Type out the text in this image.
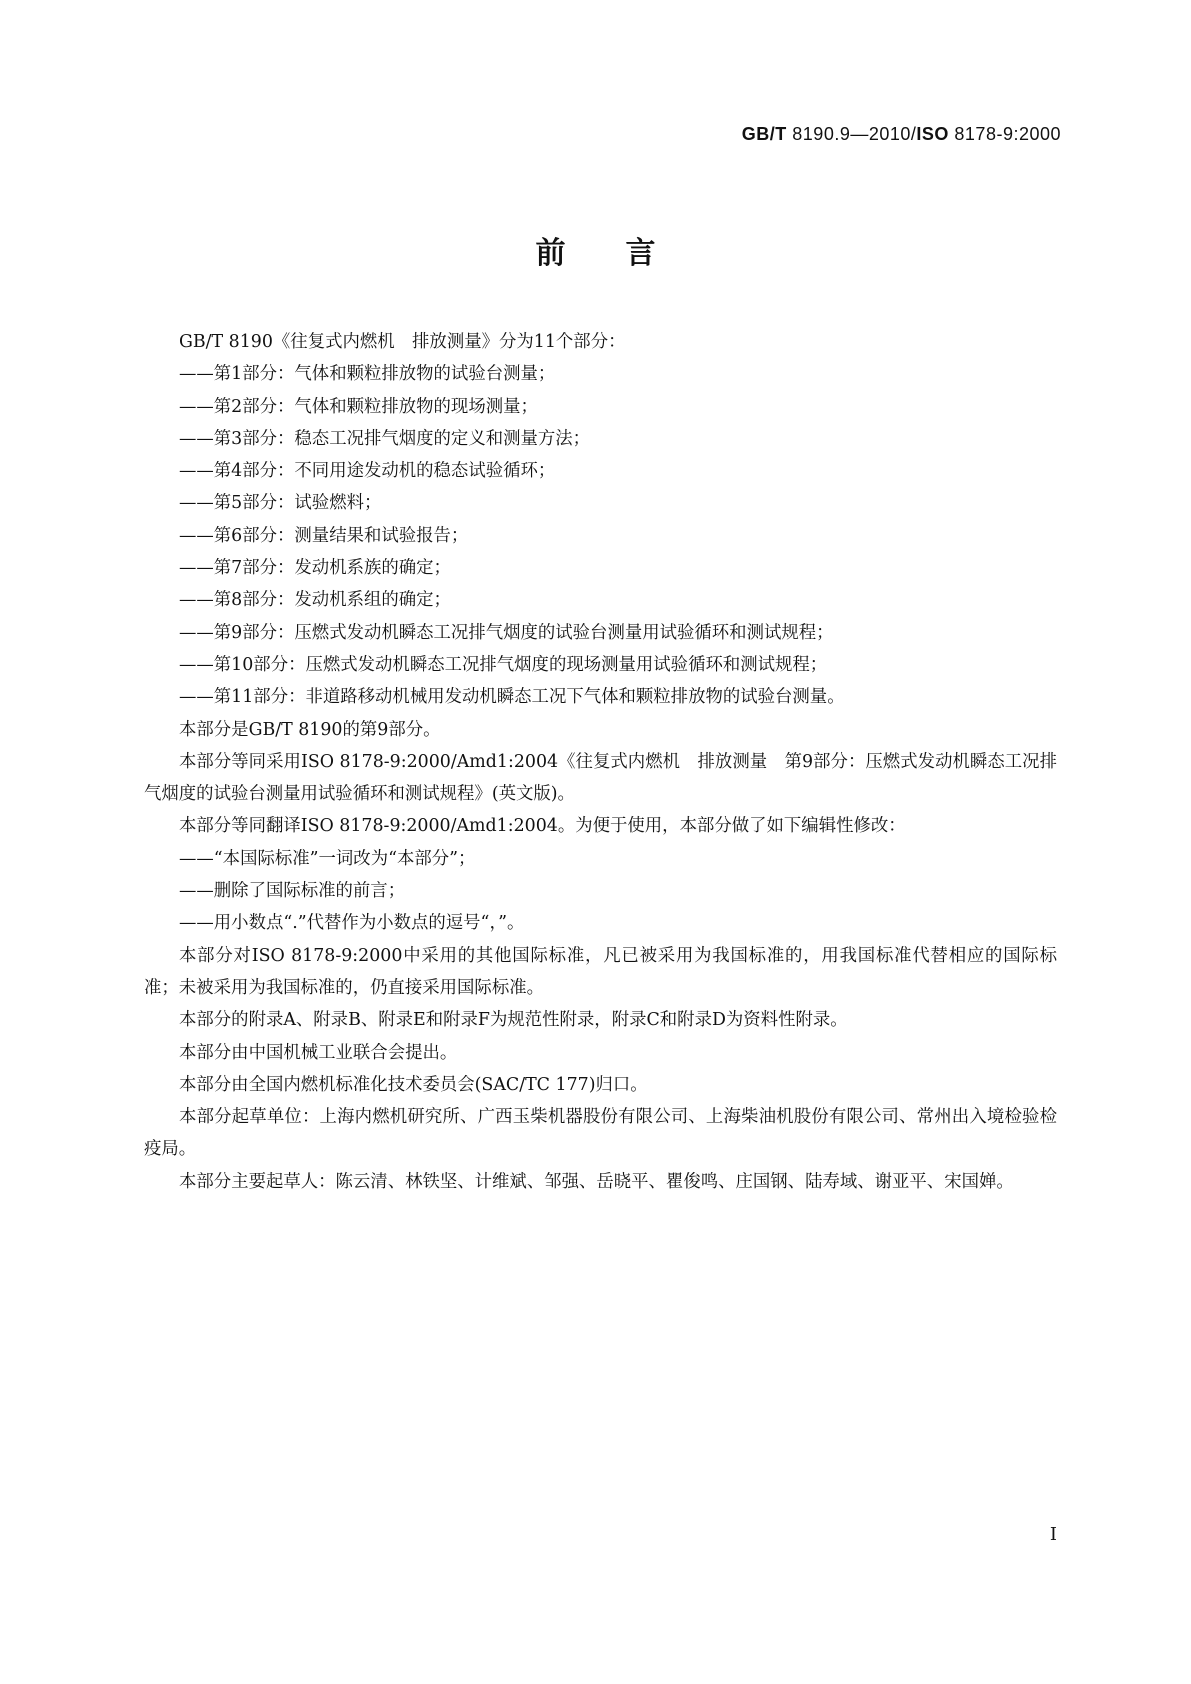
GB/T 8190.9—2010/ISO 8178-9:2000
前言

GB/T 8190《往复式内燃机　排放测量》分为11个部分：

——第1部分：气体和颗粒排放物的试验台测量；

——第2部分：气体和颗粒排放物的现场测量；

——第3部分：稳态工况排气烟度的定义和测量方法；

——第4部分：不同用途发动机的稳态试验循环；

——第5部分：试验燃料；

——第6部分：测量结果和试验报告；

——第7部分：发动机系族的确定；

——第8部分：发动机系组的确定；

——第9部分：压燃式发动机瞬态工况排气烟度的试验台测量用试验循环和测试规程；

——第10部分：压燃式发动机瞬态工况排气烟度的现场测量用试验循环和测试规程；

——第11部分：非道路移动机械用发动机瞬态工况下气体和颗粒排放物的试验台测量。

本部分是GB/T 8190的第9部分。

本部分等同采用ISO 8178-9:2000/Amd1:2004《往复式内燃机　排放测量　第9部分：压燃式发动机瞬态工况排气烟度的试验台测量用试验循环和测试规程》(英文版)。

本部分等同翻译ISO 8178-9:2000/Amd1:2004。为便于使用，本部分做了如下编辑性修改：

——“本国际标准”一词改为“本部分”；

——删除了国际标准的前言；

——用小数点“.”代替作为小数点的逗号“，”。

本部分对ISO 8178-9:2000中采用的其他国际标准，凡已被采用为我国标准的，用我国标准代替相应的国际标准；未被采用为我国标准的，仍直接采用国际标准。

本部分的附录A、附录B、附录E和附录F为规范性附录，附录C和附录D为资料性附录。

本部分由中国机械工业联合会提出。

本部分由全国内燃机标准化技术委员会(SAC/TC 177)归口。

本部分起草单位：上海内燃机研究所、广西玉柴机器股份有限公司、上海柴油机股份有限公司、常州出入境检验检疫局。

本部分主要起草人：陈云清、林铁坚、计维斌、邹强、岳晓平、瞿俊鸣、庄国钢、陆寿域、谢亚平、宋国婵。

I
